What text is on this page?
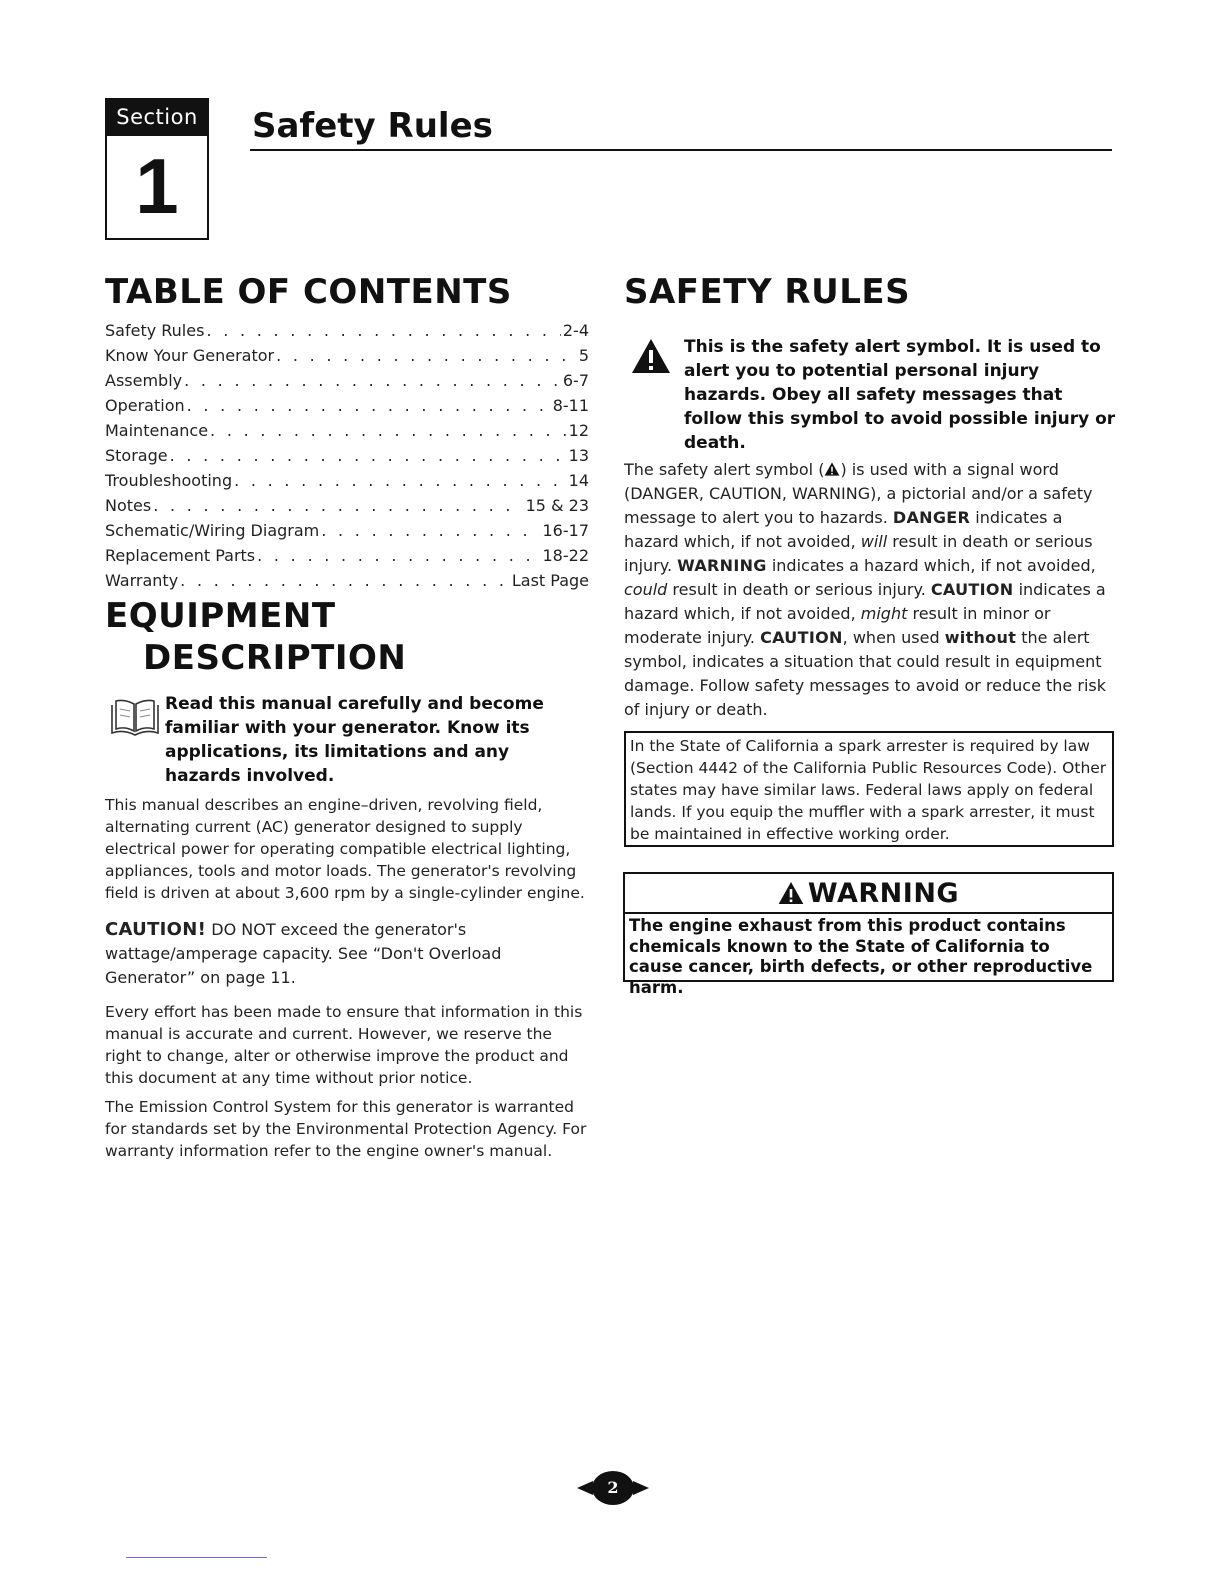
Section
1
Safety Rules
TABLE OF CONTENTS
Safety Rules . . .	2-4
Know Your Generator . . .	5
Assembly . . .	6-7
Operation . . .	8-11
Maintenance . . .	12
Storage . . .	13
Troubleshooting . . .	14
Notes . . .	15 & 23
Schematic/Wiring Diagram . . .	16-17
Replacement Parts . . .	18-22
Warranty . . .	Last Page
EQUIPMENT
DESCRIPTION
Read this manual carefully and become familiar with your generator. Know its applications, its limitations and any hazards involved.

This manual describes an engine–driven, revolving field, alternating current (AC) generator designed to supply electrical power for operating compatible electrical lighting, appliances, tools and motor loads. The generator's revolving field is driven at about 3,600 rpm by a single-cylinder engine.

CAUTION! DO NOT exceed the generator's wattage/amperage capacity. See “Don't Overload Generator” on page 11.

Every effort has been made to ensure that information in this manual is accurate and current. However, we reserve the right to change, alter or otherwise improve the product and this document at any time without prior notice.

The Emission Control System for this generator is warranted for standards set by the Environmental Protection Agency. For warranty information refer to the engine owner's manual.

SAFETY RULES
This is the safety alert symbol. It is used to alert you to potential personal injury hazards. Obey all safety messages that follow this symbol to avoid possible injury or death.

The safety alert symbol ( ) is used with a signal word (DANGER, CAUTION, WARNING), a pictorial and/or a safety message to alert you to hazards. DANGER indicates a hazard which, if not avoided, will result in death or serious injury. WARNING indicates a hazard which, if not avoided, could result in death or serious injury. CAUTION indicates a hazard which, if not avoided, might result in minor or moderate injury. CAUTION, when used without the alert symbol, indicates a situation that could result in equipment damage. Follow safety messages to avoid or reduce the risk of injury or death.

In the State of California a spark arrester is required by law (Section 4442 of the California Public Resources Code). Other states may have similar laws. Federal laws apply on federal lands. If you equip the muffler with a spark arrester, it must be maintained in effective working order.
WARNING
The engine exhaust from this product contains chemicals known to the State of California to cause cancer, birth defects, or other reproductive harm.
2
